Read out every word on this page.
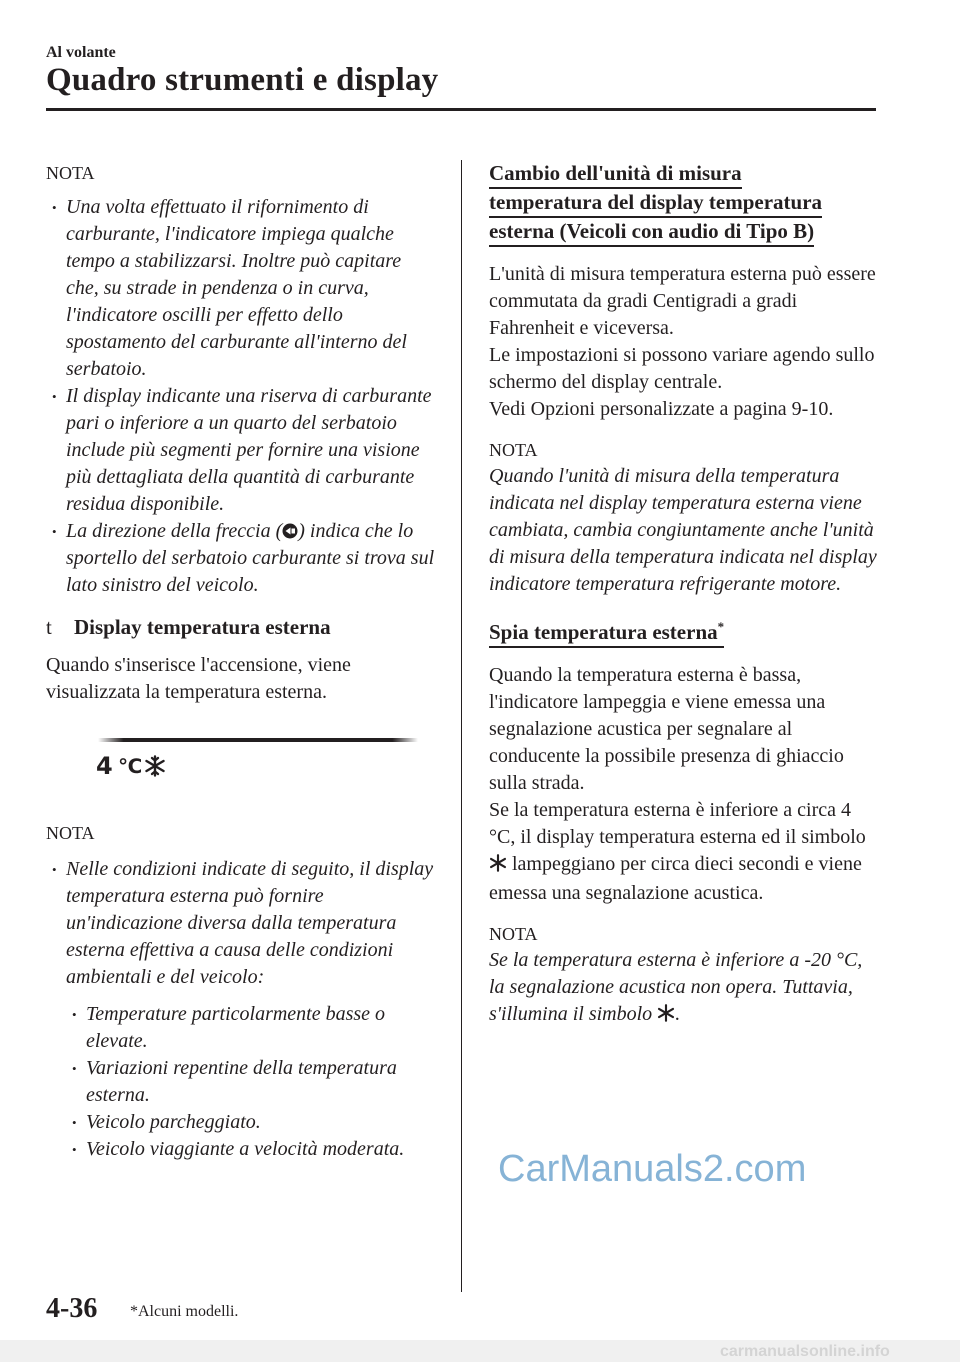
Al volante
Quadro strumenti e display

NOTA

• Una volta effettuato il rifornimento di carburante, l'indicatore impiega qualche tempo a stabilizzarsi. Inoltre può capitare che, su strade in pendenza o in curva, l'indicatore oscilli per effetto dello spostamento del carburante all'interno del serbatoio.
• Il display indicante una riserva di carburante pari o inferiore a un quarto del serbatoio include più segmenti per fornire una visione più dettagliata della quantità di carburante residua disponibile.
• La direzione della freccia ( ) indica che lo sportello del serbatoio carburante si trova sul lato sinistro del veicolo.
t Display temperatura esterna
Quando s'inserisce l'accensione, viene visualizzata la temperatura esterna.
4 ℃

NOTA

• Nelle condizioni indicate di seguito, il display temperatura esterna può fornire un'indicazione diversa dalla temperatura esterna effettiva a causa delle condizioni ambientali e del veicolo:
• Temperature particolarmente basse o elevate.
• Variazioni repentine della temperatura esterna.
• Veicolo parcheggiato.
• Veicolo viaggiante a velocità moderata.
Cambio dell'unità di misura
temperatura del display temperatura
esterna (Veicoli con audio di Tipo B)
L'unità di misura temperatura esterna può essere commutata da gradi Centigradi a gradi Fahrenheit e viceversa.
Le impostazioni si possono variare agendo sullo schermo del display centrale.
Vedi Opzioni personalizzate a pagina 9-10.

NOTA

Quando l'unità di misura della temperatura indicata nel display temperatura esterna viene cambiata, cambia congiuntamente anche l'unità di misura della temperatura indicata nel display indicatore temperatura refrigerante motore.
Spia temperatura esterna*
Quando la temperatura esterna è bassa, l'indicatore lampeggia e viene emessa una segnalazione acustica per segnalare al conducente la possibile presenza di ghiaccio sulla strada.
Se la temperatura esterna è inferiore a circa 4 °C, il display temperatura esterna ed il simbolo  lampeggiano per circa dieci secondi e viene emessa una segnalazione acustica.

NOTA

Se la temperatura esterna è inferiore a -20 °C, la segnalazione acustica non opera. Tuttavia, s'illumina il simbolo .
CarManuals2.com
4-36 *Alcuni modelli.
carmanualsonline.info
